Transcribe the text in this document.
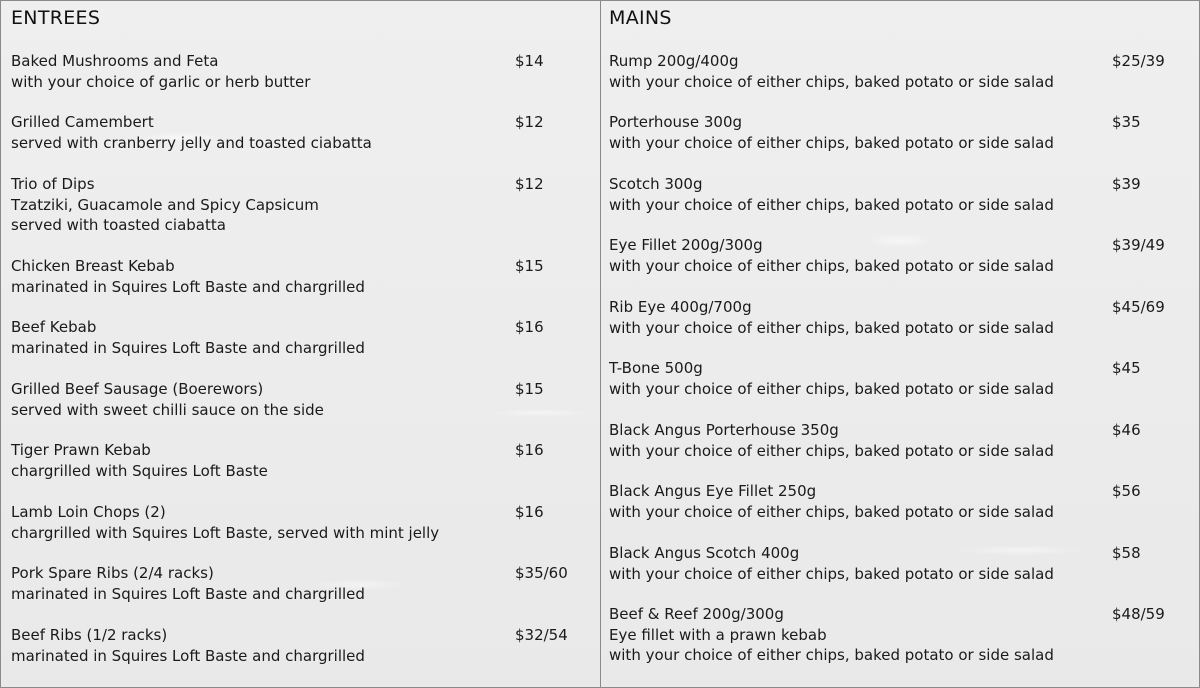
ENTREES
Baked Mushrooms and Feta
with your choice of garlic or herb butter
$14
Grilled Camembert
served with cranberry jelly and toasted ciabatta
$12
Trio of Dips
Tzatziki, Guacamole and Spicy Capsicum
served with toasted ciabatta
$12
Chicken Breast Kebab
marinated in Squires Loft Baste and chargrilled
$15
Beef Kebab
marinated in Squires Loft Baste and chargrilled
$16
Grilled Beef Sausage (Boerewors)
served with sweet chilli sauce on the side
$15
Tiger Prawn Kebab
chargrilled with Squires Loft Baste
$16
Lamb Loin Chops (2)
chargrilled with Squires Loft Baste, served with mint jelly
$16
Pork Spare Ribs (2/4 racks)
marinated in Squires Loft Baste and chargrilled
$35/60
Beef Ribs (1/2 racks)
marinated in Squires Loft Baste and chargrilled
$32/54
MAINS
Rump 200g/400g
with your choice of either chips, baked potato or side salad
$25/39
Porterhouse 300g
with your choice of either chips, baked potato or side salad
$35
Scotch 300g
with your choice of either chips, baked potato or side salad
$39
Eye Fillet 200g/300g
with your choice of either chips, baked potato or side salad
$39/49
Rib Eye 400g/700g
with your choice of either chips, baked potato or side salad
$45/69
T-Bone 500g
with your choice of either chips, baked potato or side salad
$45
Black Angus Porterhouse 350g
with your choice of either chips, baked potato or side salad
$46
Black Angus Eye Fillet 250g
with your choice of either chips, baked potato or side salad
$56
Black Angus Scotch 400g
with your choice of either chips, baked potato or side salad
$58
Beef & Reef 200g/300g
Eye fillet with a prawn kebab
with your choice of either chips, baked potato or side salad
$48/59
